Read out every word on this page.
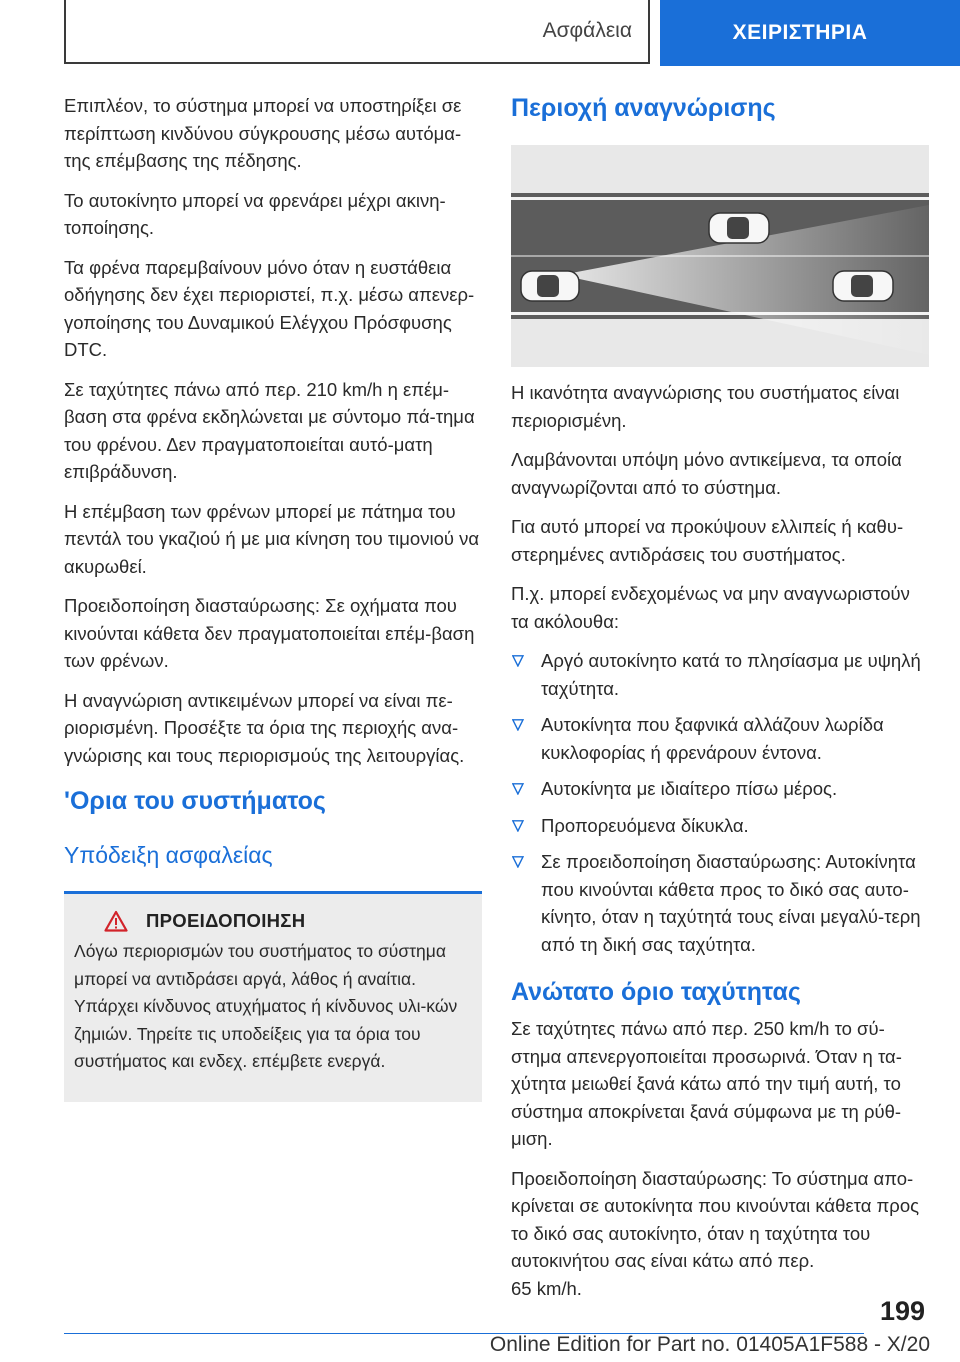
Ασφάλεια	ΧΕΙΡΙΣΤΗΡΙΑ

Επιπλέον, το σύστημα μπορεί να υποστηρίξει σε περίπτωση κινδύνου σύγκρουσης μέσω αυτόμα-της επέμβασης της πέδησης.

Το αυτοκίνητο μπορεί να φρενάρει μέχρι ακινη-τοποίησης.

Τα φρένα παρεμβαίνουν μόνο όταν η ευστάθεια οδήγησης δεν έχει περιοριστεί, π.χ. μέσω απενερ-γοποίησης του Δυναμικού Ελέγχου Πρόσφυσης DTC.

Σε ταχύτητες πάνω από περ. 210 km/h η επέμ-βαση στα φρένα εκδηλώνεται με σύντομο πά-τημα του φρένου. Δεν πραγματοποιείται αυτό-ματη επιβράδυνση.

Η επέμβαση των φρένων μπορεί με πάτημα του πεντάλ του γκαζιού ή με μια κίνηση του τιμονιού να ακυρωθεί.

Προειδοποίηση διασταύρωσης: Σε οχήματα που κινούνται κάθετα δεν πραγματοποιείται επέμ-βαση των φρένων.

Η αναγνώριση αντικειμένων μπορεί να είναι πε-ριορισμένη. Προσέξτε τα όρια της περιοχής ανα-γνώρισης και τους περιορισμούς της λειτουργίας.

'Ορια του συστήματος
Υπόδειξη ασφαλείας
ΠΡΟΕΙΔΟΠΟΙΗΣΗ

Λόγω περιορισμών του συστήματος το σύστημα μπορεί να αντιδράσει αργά, λάθος ή αναίτια. Υπάρχει κίνδυνος ατυχήματος ή κίνδυνος υλι-κών ζημιών. Τηρείτε τις υποδείξεις για τα όρια του συστήματος και ενδεχ. επέμβετε ενεργά.

Περιοχή αναγνώρισης

Η ικανότητα αναγνώρισης του συστήματος είναι περιορισμένη.

Λαμβάνονται υπόψη μόνο αντικείμενα, τα οποία αναγνωρίζονται από το σύστημα.

Για αυτό μπορεί να προκύψουν ελλιπείς ή καθυ-στερημένες αντιδράσεις του συστήματος.

Π.χ. μπορεί ενδεχομένως να μην αναγνωριστούν τα ακόλουθα:

Αργό αυτοκίνητο κατά το πλησίασμα με υψηλή ταχύτητα.
Αυτοκίνητα που ξαφνικά αλλάζουν λωρίδα κυκλοφορίας ή φρενάρουν έντονα.
Αυτοκίνητα με ιδιαίτερο πίσω μέρος.
Προπορευόμενα δίκυκλα.
Σε προειδοποίηση διασταύρωσης: Αυτοκίνητα που κινούνται κάθετα προς το δικό σας αυτο-κίνητο, όταν η ταχύτητά τους είναι μεγαλύ-τερη από τη δική σας ταχύτητα.
Ανώτατο όριο ταχύτητας

Σε ταχύτητες πάνω από περ. 250 km/h το σύ-στημα απενεργοποιείται προσωρινά. Όταν η τα-χύτητα μειωθεί ξανά κάτω από την τιμή αυτή, το σύστημα αποκρίνεται ξανά σύμφωνα με τη ρύθ-μιση.

Προειδοποίηση διασταύρωσης: Το σύστημα απο-κρίνεται σε αυτοκίνητα που κινούνται κάθετα προς το δικό σας αυτοκίνητο, όταν η ταχύτητα του αυτοκινήτου σας είναι κάτω από περ.
65 km/h.

199
Online Edition for Part no. 01405A1F588 - X/20
